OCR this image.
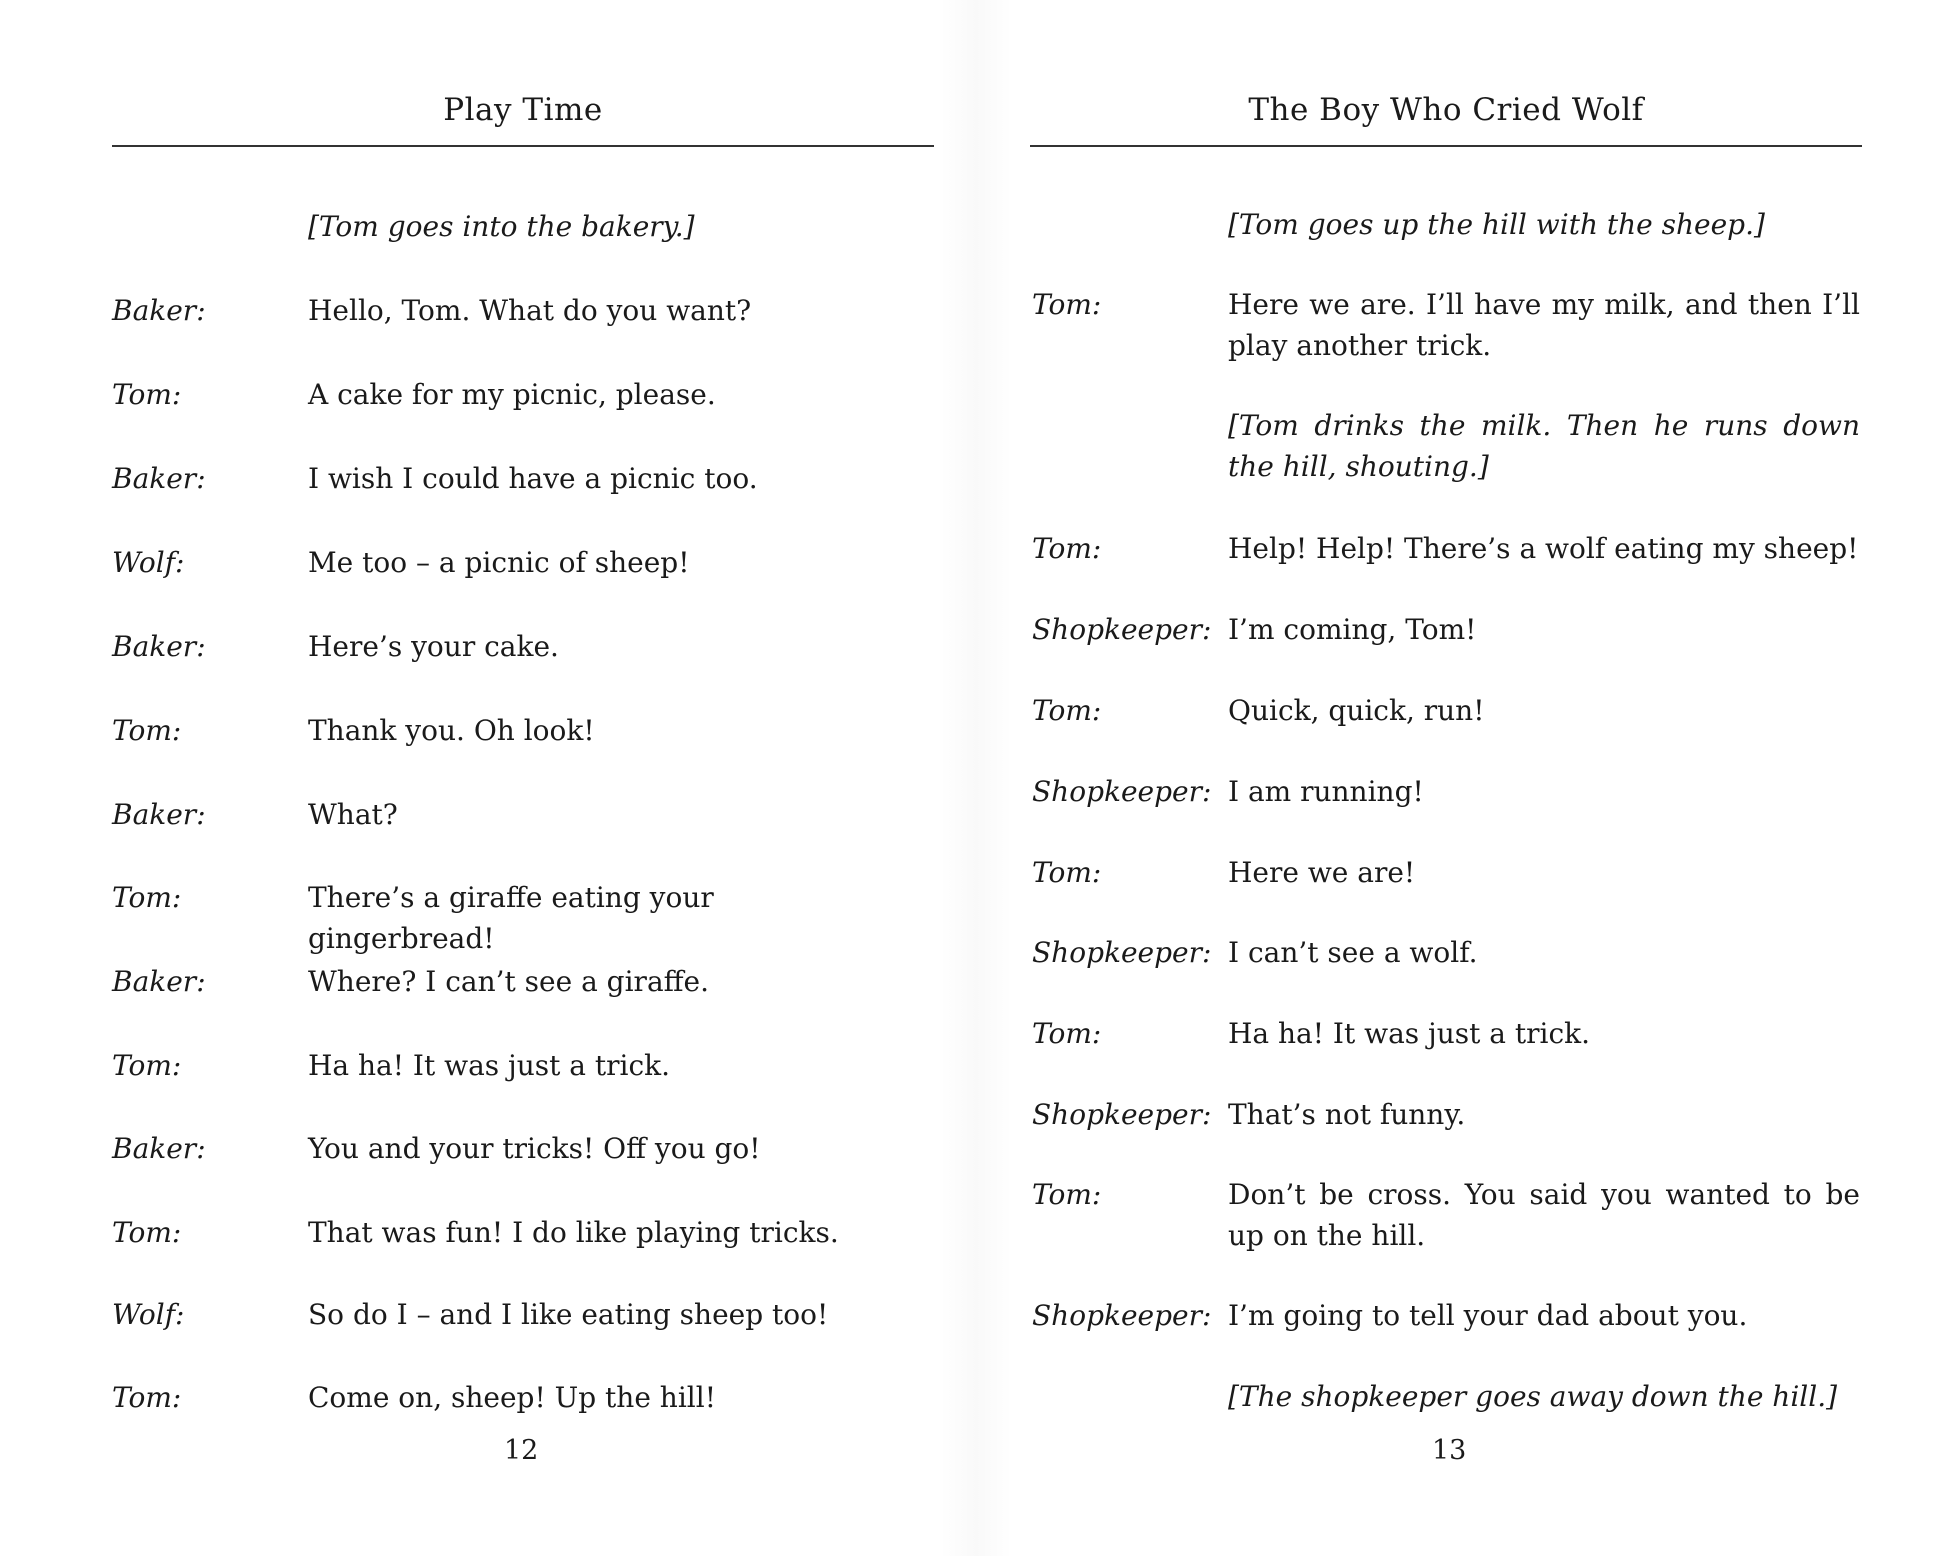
Play Time
[Tom goes into the bakery.]
Baker:	Hello, Tom. What do you want?
Tom:	A cake for my picnic, please.
Baker:	I wish I could have a picnic too.
Wolf:	Me too – a picnic of sheep!
Baker:	Here’s your cake.
Tom:	Thank you. Oh look!
Baker:	What?
Tom:	There’s a giraffe eating your gingerbread!
Baker:	Where? I can’t see a giraffe.
Tom:	Ha ha! It was just a trick.
Baker:	You and your tricks! Off you go!
Tom:	That was fun! I do like playing tricks.
Wolf:	So do I – and I like eating sheep too!
Tom:	Come on, sheep! Up the hill!
12
The Boy Who Cried Wolf
[Tom goes up the hill with the sheep.]
Tom:	Here we are. I’ll have my milk, and then I’ll play another trick.
[Tom drinks the milk. Then he runs down the hill, shouting.]
Tom:	Help! Help! There’s a wolf eating my sheep!
Shopkeeper: I’m coming, Tom!
Tom:	Quick, quick, run!
Shopkeeper: I am running!
Tom:	Here we are!
Shopkeeper: I can’t see a wolf.
Tom:	Ha ha! It was just a trick.
Shopkeeper: That’s not funny.
Tom:	Don’t be cross. You said you wanted to be up on the hill.
Shopkeeper: I’m going to tell your dad about you.
[The shopkeeper goes away down the hill.]
13
